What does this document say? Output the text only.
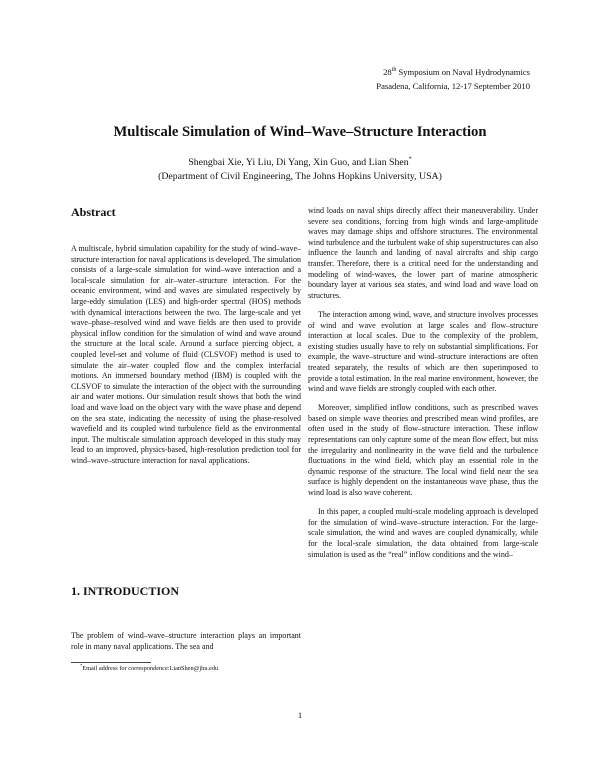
28th Symposium on Naval Hydrodynamics
Pasadena, California, 12-17 September 2010
Multiscale Simulation of Wind–Wave–Structure Interaction
Shengbai Xie, Yi Liu, Di Yang, Xin Guo, and Lian Shen*
(Department of Civil Engineering, The Johns Hopkins University, USA)
Abstract

A multiscale, hybrid simulation capability for the study of wind–wave–structure interaction for naval applications is developed. The simulation consists of a large-scale simulation for wind–wave interaction and a local-scale simulation for air–water–structure interaction. For the oceanic environment, wind and waves are simulated respectively by large-eddy simulation (LES) and high-order spectral (HOS) methods with dynamical interactions between the two. The large-scale and yet wave–phase–resolved wind and wave fields are then used to provide physical inflow condition for the simulation of wind and wave around the structure at the local scale. Around a surface piercing object, a coupled level-set and volume of fluid (CLSVOF) method is used to simulate the air–water coupled flow and the complex interfacial motions. An immersed boundary method (IBM) is coupled with the CLSVOF to simulate the interaction of the object with the surrounding air and water motions. Our simulation result shows that both the wind load and wave load on the object vary with the wave phase and depend on the sea state, indicating the necessity of using the phase-resolved wavefield and its coupled wind turbulence field as the environmental input. The multiscale simulation approach developed in this study may lead to an improved, physics-based, high-resolution prediction tool for wind–wave–structure interaction for naval applications.

1. INTRODUCTION

The problem of wind–wave–structure interaction plays an important role in many naval applications. The sea and

*Email address for correspondence:LianShen@jhu.edu

wind loads on naval ships directly affect their maneuverability. Under severe sea conditions, forcing from high winds and large-amplitude waves may damage ships and offshore structures. The environmental wind turbulence and the turbulent wake of ship superstructures can also influence the launch and landing of naval aircrafts and ship cargo transfer. Therefore, there is a critical need for the understanding and modeling of wind-waves, the lower part of marine atmospheric boundary layer at various sea states, and wind load and wave load on structures.

The interaction among wind, wave, and structure involves processes of wind and wave evolution at large scales and flow–structure interaction at local scales. Due to the complexity of the problem, existing studies usually have to rely on substantial simplifications. For example, the wave–structure and wind–structure interactions are often treated separately, the results of which are then superimposed to provide a total estimation. In the real marine environment, however, the wind and wave fields are strongly coupled with each other.

Moreover, simplified inflow conditions, such as prescribed waves based on simple wave theories and prescribed mean wind profiles, are often used in the study of flow–structure interaction. These inflow representations can only capture some of the mean flow effect, but miss the irregularity and nonlinearity in the wave field and the turbulence fluctuations in the wind field, which play an essential role in the dynamic response of the structure. The local wind field near the sea surface is highly dependent on the instantaneous wave phase, thus the wind load is also wave coherent.

In this paper, a coupled multi-scale modeling approach is developed for the simulation of wind–wave–structure interaction. For the large-scale simulation, the wind and waves are coupled dynamically, while for the local-scale simulation, the data obtained from large-scale simulation is used as the “real” inflow conditions and the wind–

1
